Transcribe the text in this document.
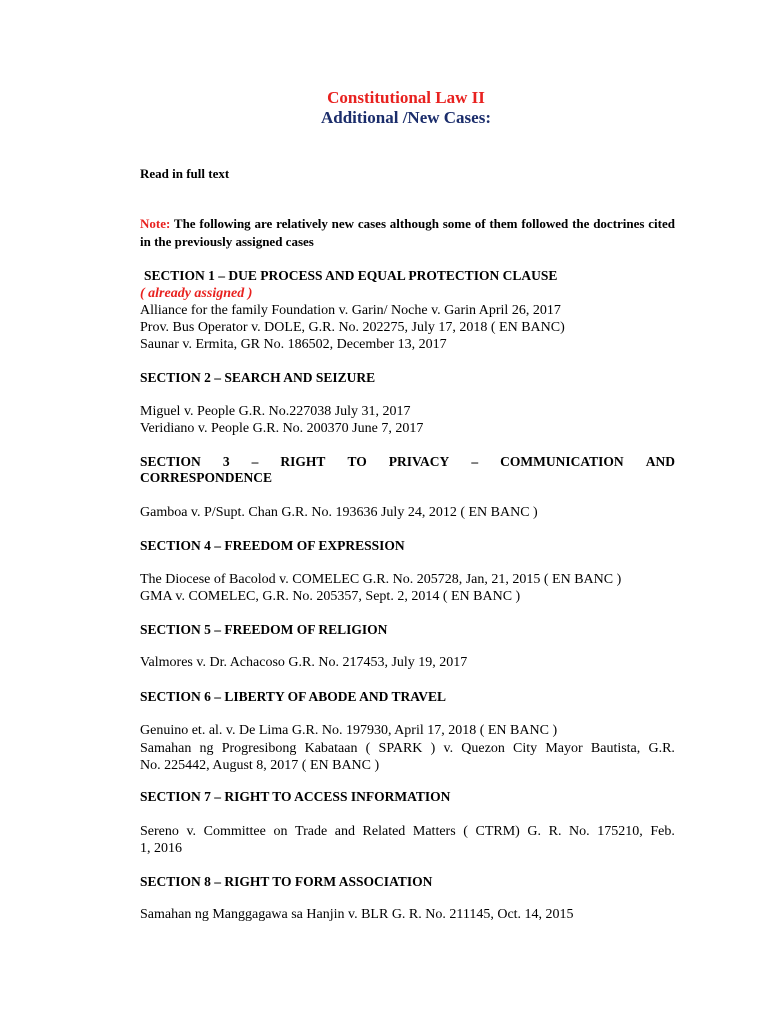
Constitutional Law II
Additional /New Cases:
Read in full text
Note: The following are relatively new cases although some of them followed the doctrines cited in the previously assigned cases
SECTION 1 – DUE PROCESS AND EQUAL PROTECTION CLAUSE
( already assigned )
Alliance for the family Foundation v. Garin/ Noche v. Garin April 26, 2017
Prov. Bus Operator v. DOLE, G.R. No. 202275, July 17, 2018 ( EN BANC)
Saunar v. Ermita, GR No. 186502, December 13, 2017
SECTION 2 – SEARCH AND SEIZURE
Miguel v. People G.R. No.227038 July 31, 2017
Veridiano v. People G.R. No. 200370 June 7, 2017
SECTION 3 – RIGHT TO PRIVACY – COMMUNICATION AND
CORRESPONDENCE
Gamboa v. P/Supt. Chan G.R. No. 193636 July 24, 2012 ( EN BANC )
SECTION 4 – FREEDOM OF EXPRESSION
The Diocese of Bacolod v. COMELEC G.R. No. 205728, Jan, 21, 2015 ( EN BANC )
GMA v. COMELEC, G.R. No. 205357, Sept. 2, 2014 ( EN BANC )
SECTION 5 – FREEDOM OF RELIGION
Valmores v. Dr. Achacoso G.R. No. 217453, July 19, 2017
SECTION 6 – LIBERTY OF ABODE AND TRAVEL
Genuino et. al. v. De Lima G.R. No. 197930, April 17, 2018 ( EN BANC )
Samahan ng Progresibong Kabataan ( SPARK ) v. Quezon City Mayor Bautista, G.R.
No. 225442, August 8, 2017 ( EN BANC )
SECTION 7 – RIGHT TO ACCESS INFORMATION
Sereno v. Committee on Trade and Related Matters ( CTRM) G. R. No. 175210, Feb.
1, 2016
SECTION 8 – RIGHT TO FORM ASSOCIATION
Samahan ng Manggagawa sa Hanjin v. BLR G. R. No. 211145, Oct. 14, 2015
